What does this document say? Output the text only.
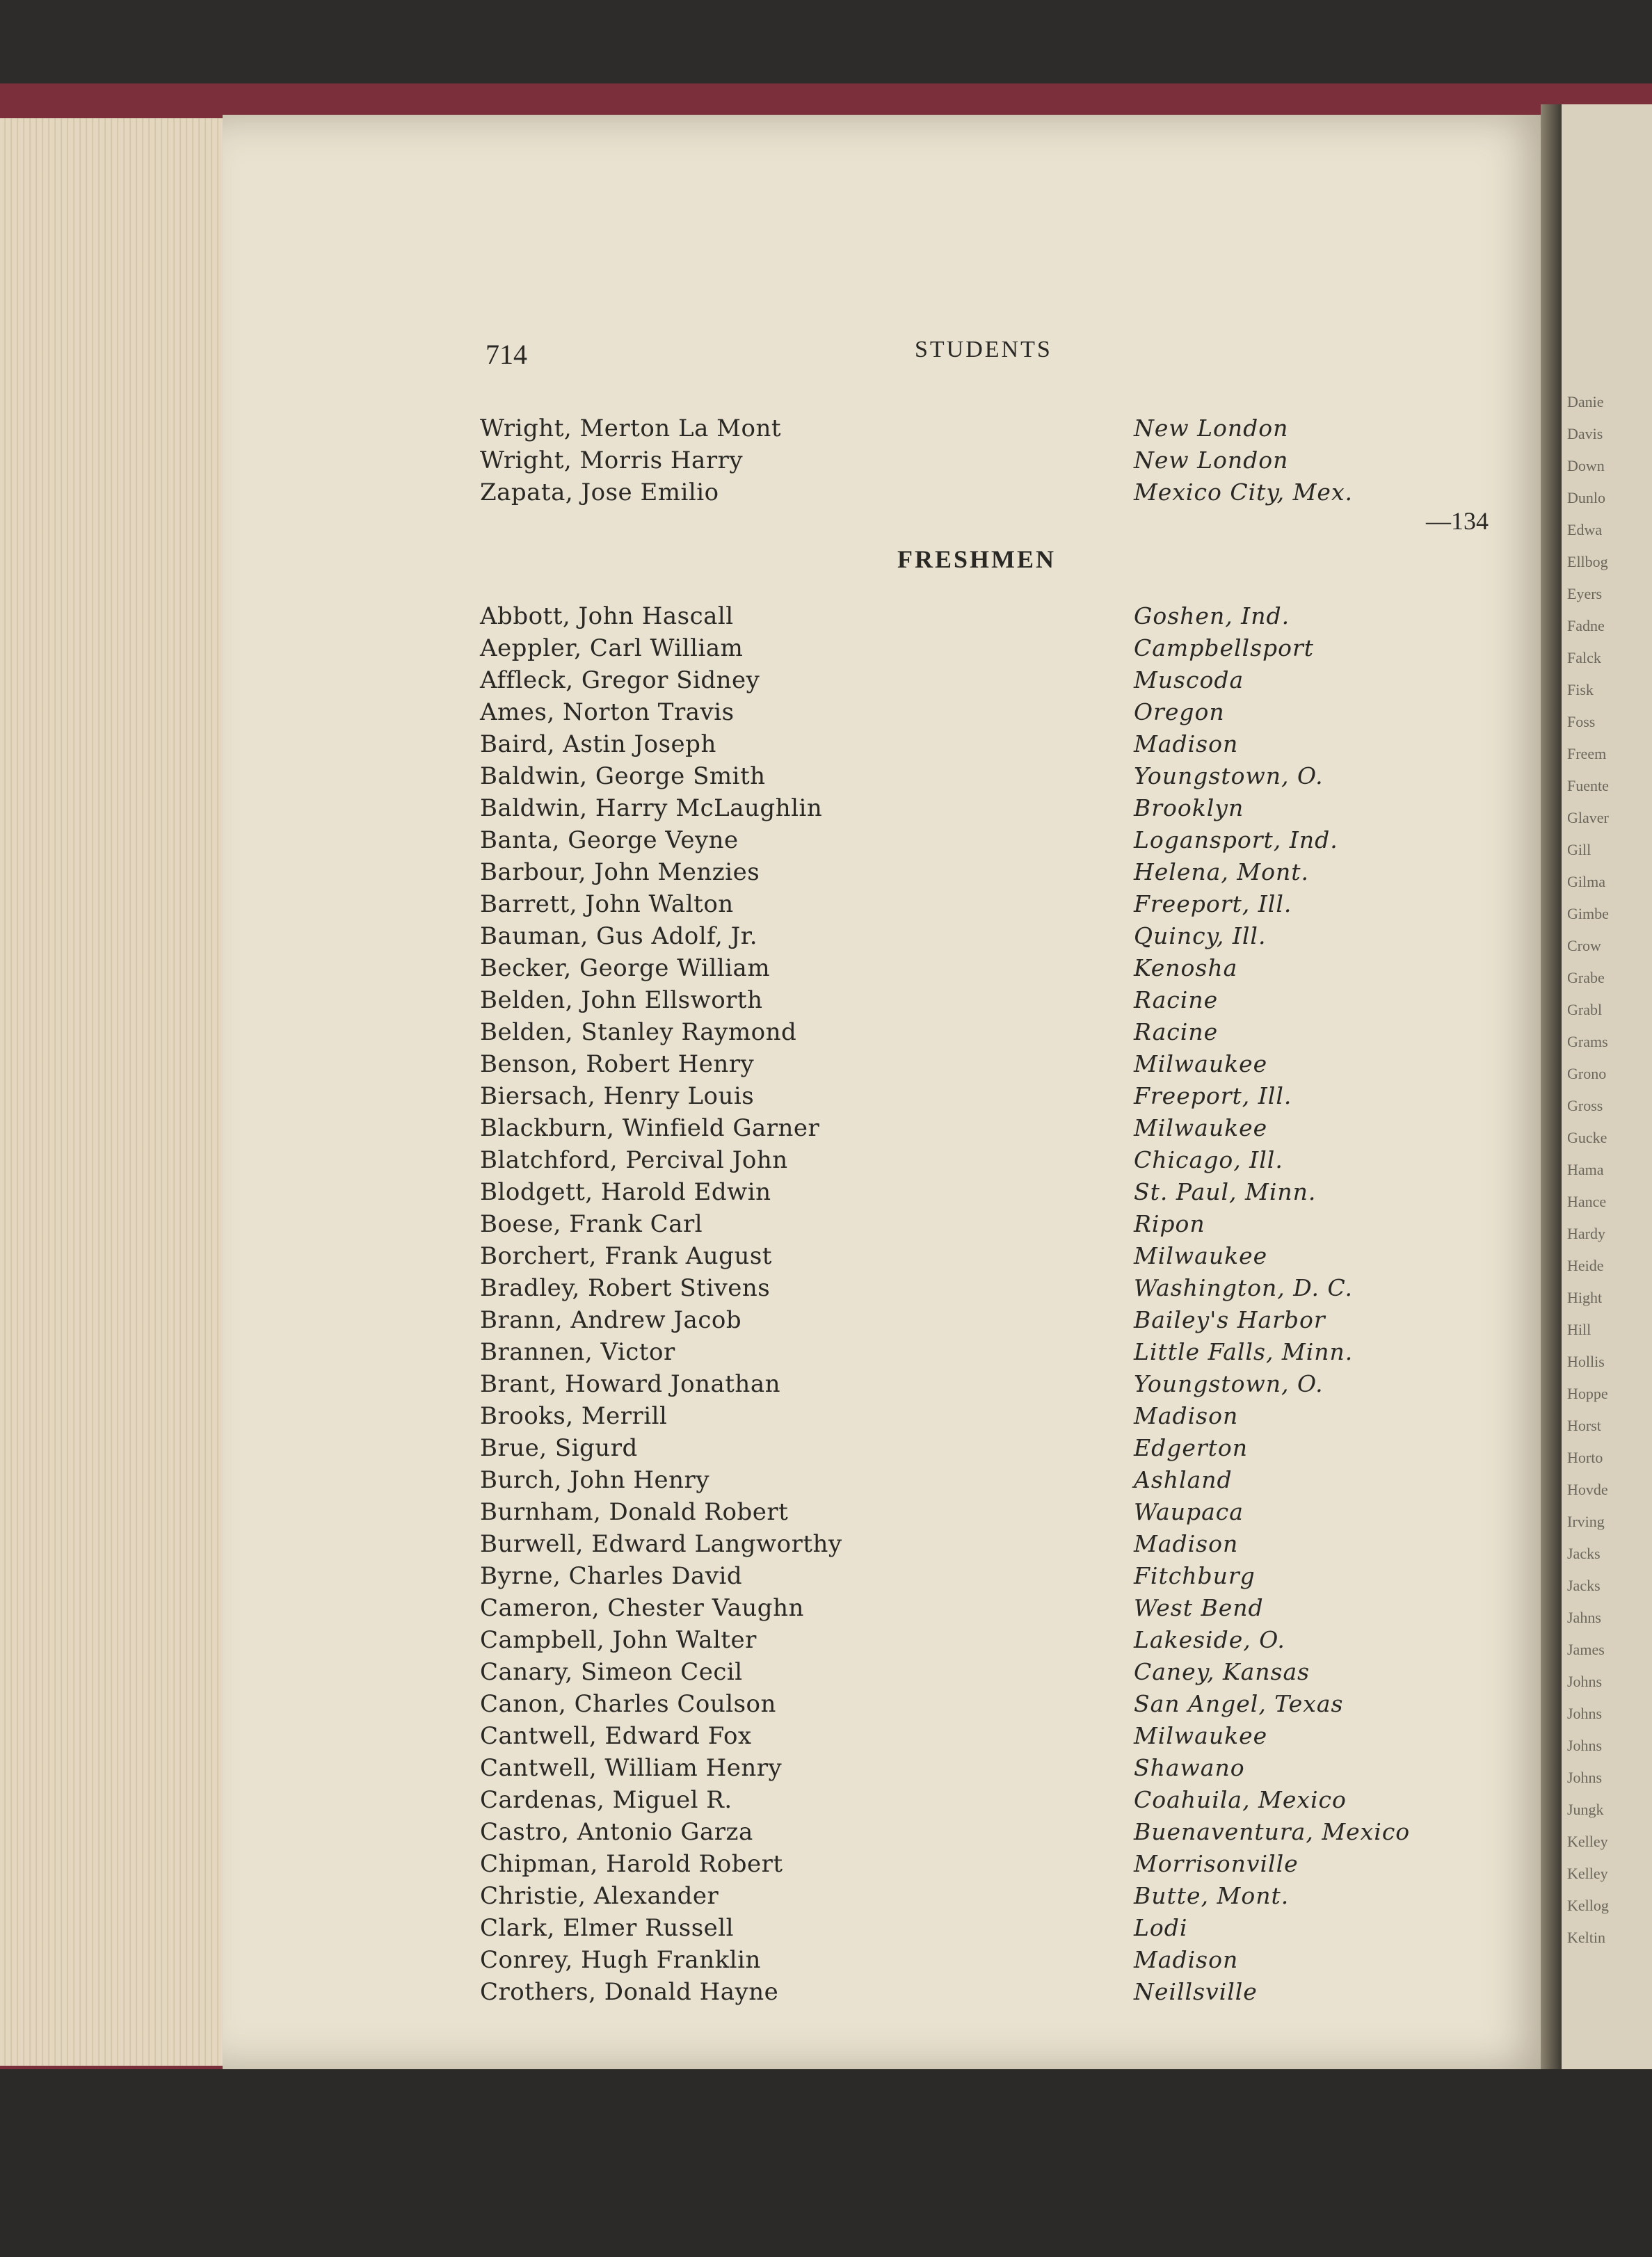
Danie
Davis
Down
Dunlo
Edwa
Ellbog
Eyers
Fadne
Falck
Fisk
Foss
Freem
Fuente
Glaver
Gill
Gilma
Gimbe
Crow
Grabe
Grabl
Grams
Grono
Gross
Gucke
Hama
Hance
Hardy
Heide
Hight
Hill
Hollis
Hoppe
Horst
Horto
Hovde
Irving
Jacks
Jacks
Jahns
James
Johns
Johns
Johns
Johns
Jungk
Kelley
Kelley
Kellog
Keltin
714	STUDENTS
Wright, Merton La Mont	New London
Wright, Morris Harry	New London
Zapata, Jose Emilio	Mexico City, Mex.
—134
FRESHMEN
Abbott, John Hascall	Goshen, Ind.
Aeppler, Carl William	Campbellsport
Affleck, Gregor Sidney	Muscoda
Ames, Norton Travis	Oregon
Baird, Astin Joseph	Madison
Baldwin, George Smith	Youngstown, O.
Baldwin, Harry McLaughlin	Brooklyn
Banta, George Veyne	Logansport, Ind.
Barbour, John Menzies	Helena, Mont.
Barrett, John Walton	Freeport, Ill.
Bauman, Gus Adolf, Jr.	Quincy, Ill.
Becker, George William	Kenosha
Belden, John Ellsworth	Racine
Belden, Stanley Raymond	Racine
Benson, Robert Henry	Milwaukee
Biersach, Henry Louis	Freeport, Ill.
Blackburn, Winfield Garner	Milwaukee
Blatchford, Percival John	Chicago, Ill.
Blodgett, Harold Edwin	St. Paul, Minn.
Boese, Frank Carl	Ripon
Borchert, Frank August	Milwaukee
Bradley, Robert Stivens	Washington, D. C.
Brann, Andrew Jacob	Bailey's Harbor
Brannen, Victor	Little Falls, Minn.
Brant, Howard Jonathan	Youngstown, O.
Brooks, Merrill	Madison
Brue, Sigurd	Edgerton
Burch, John Henry	Ashland
Burnham, Donald Robert	Waupaca
Burwell, Edward Langworthy	Madison
Byrne, Charles David	Fitchburg
Cameron, Chester Vaughn	West Bend
Campbell, John Walter	Lakeside, O.
Canary, Simeon Cecil	Caney, Kansas
Canon, Charles Coulson	San Angel, Texas
Cantwell, Edward Fox	Milwaukee
Cantwell, William Henry	Shawano
Cardenas, Miguel R.	Coahuila, Mexico
Castro, Antonio Garza	Buenaventura, Mexico
Chipman, Harold Robert	Morrisonville
Christie, Alexander	Butte, Mont.
Clark, Elmer Russell	Lodi
Conrey, Hugh Franklin	Madison
Crothers, Donald Hayne	Neillsville
